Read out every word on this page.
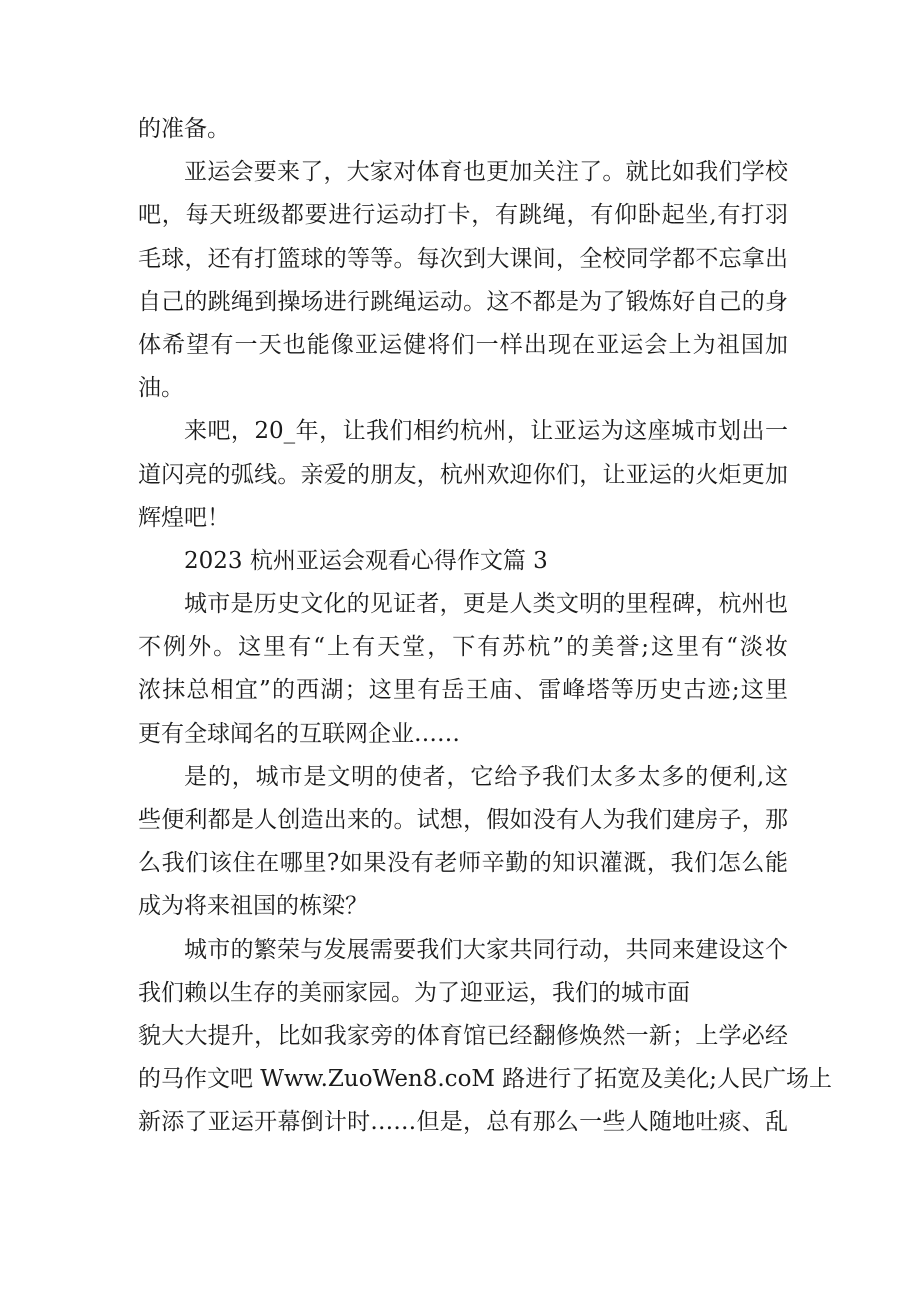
的准备。
亚运会要来了，大家对体育也更加关注了。就比如我们学校
吧，每天班级都要进行运动打卡，有跳绳，有仰卧起坐,有打羽
毛球，还有打篮球的等等。每次到大课间，全校同学都不忘拿出
自己的跳绳到操场进行跳绳运动。这不都是为了锻炼好自己的身
体希望有一天也能像亚运健将们一样出现在亚运会上为祖国加
油。
来吧，20_年，让我们相约杭州，让亚运为这座城市划出一
道闪亮的弧线。亲爱的朋友，杭州欢迎你们，让亚运的火炬更加
辉煌吧！
2023 杭州亚运会观看心得作文篇 3
城市是历史文化的见证者，更是人类文明的里程碑，杭州也
不例外。这里有“上有天堂，下有苏杭”的美誉;这里有“淡妆
浓抹总相宜”的西湖；这里有岳王庙、雷峰塔等历史古迹;这里
更有全球闻名的互联网企业……
是的，城市是文明的使者，它给予我们太多太多的便利,这
些便利都是人创造出来的。试想，假如没有人为我们建房子，那
么我们该住在哪里?如果没有老师辛勤的知识灌溉，我们怎么能
成为将来祖国的栋梁？
城市的繁荣与发展需要我们大家共同行动，共同来建设这个
我们赖以生存的美丽家园。为了迎亚运，我们的城市面
貌大大提升，比如我家旁的体育馆已经翻修焕然一新；上学必经
的马作文吧 Www.ZuoWen8.coM 路进行了拓宽及美化;人民广场上
新添了亚运开幕倒计时……但是，总有那么一些人随地吐痰、乱
